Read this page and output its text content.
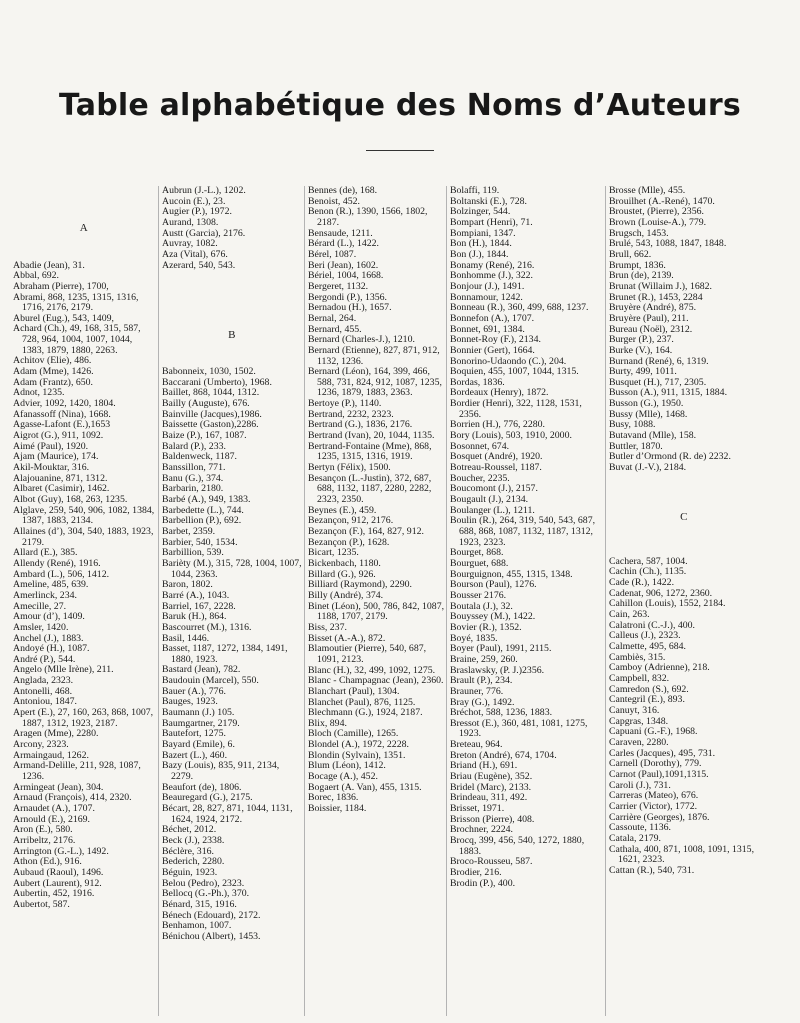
Table alphabétique des Noms d’Auteurs
A
Abadie (Jean), 31.
Abbal, 692.
Abraham (Pierre), 1700,
Abrami, 868, 1235, 1315, 1316, 1716, 2176, 2179.
Aburel (Eug.), 543, 1409,
Achard (Ch.), 49, 168, 315, 587, 728, 964, 1004, 1007, 1044, 1383, 1879, 1880, 2263.
Achitov (Elie), 486.
Adam (Mme), 1426.
Adam (Frantz), 650.
Adnot, 1235.
Advier, 1092, 1420, 1804.
Afanassoff (Nina), 1668.
Agasse-Lafont (E.),1653
Aigrot (G.), 911, 1092.
Aimé (Paul), 1920.
Ajam (Maurice), 174.
Akil-Mouktar, 316.
Alajouanine, 871, 1312.
Albaret (Casimir), 1462.
Albot (Guy), 168, 263, 1235.
Alglave, 259, 540, 906, 1082, 1384, 1387, 1883, 2134.
Allaines (d’), 304, 540, 1883, 1923, 2179.
Allard (E.), 385.
Allendy (René), 1916.
Ambard (L.), 506, 1412.
Ameline, 485, 639.
Amerlinck, 234.
Amecille, 27.
Amour (d’), 1409.
Amsler, 1420.
Anchel (J.), 1883.
Andoyé (H.), 1087.
André (P.), 544.
Angelo (Mlle Irène), 211.
Anglada, 2323.
Antonelli, 468.
Antoniou, 1847.
Apert (E.), 27, 160, 263, 868, 1007, 1887, 1312, 1923, 2187.
Aragen (Mme), 2280.
Arcony, 2323.
Armaingaud, 1262.
Armand-Delille, 211, 928, 1087, 1236.
Armingeat (Jean), 304.
Arnaud (François), 414, 2320.
Arnaudet (A.), 1707.
Arnould (E.), 2169.
Aron (E.), 580.
Arribeltz, 2176.
Arrington (G.-L.), 1492.
Athon (Ed.), 916.
Aubaud (Raoul), 1496.
Aubert (Laurent), 912.
Aubertin, 452, 1916.
Aubertot, 587.
Aubrun (J.-L.), 1202.
Aucoin (E.), 23.
Augier (P.), 1972.
Aurand, 1308.
Austt (Garcia), 2176.
Auvray, 1082.
Aza (Vital), 676.
Azerard, 540, 543.
B
Babonneix, 1030, 1502.
Baccarani (Umberto), 1968.
Baillet, 868, 1044, 1312.
Bailly (Auguste), 676.
Bainville (Jacques),1986.
Baissette (Gaston),2286.
Baize (P.), 167, 1087.
Balard (P.), 233.
Baldenweck, 1187.
Banssillon, 771.
Banu (G.), 374.
Barbarin, 2180.
Barbé (A.), 949, 1383.
Barbedette (L.), 744.
Barbellion (P.), 692.
Barbet, 2359.
Barbier, 540, 1534.
Barbillion, 539.
Barièty (M.), 315, 728, 1004, 1007, 1044, 2363.
Baron, 1802.
Barré (A.), 1043.
Barriel, 167, 2228.
Baruk (H.), 864.
Bascourret (M.), 1316.
Basil, 1446.
Basset, 1187, 1272, 1384, 1491, 1880, 1923.
Bastard (Jean), 782.
Baudouin (Marcel), 550.
Bauer (A.), 776.
Bauges, 1923.
Baumann (J.) 105.
Baumgartner, 2179.
Bautefort, 1275.
Bayard (Emile), 6.
Bazert (L.), 460.
Bazy (Louis), 835, 911, 2134, 2279.
Beaufort (de), 1806.
Beauregard (G.), 2175.
Bécart, 28, 827, 871, 1044, 1131, 1624, 1924, 2172.
Béchet, 2012.
Beck (J.), 2338.
Béclère, 316.
Bederich, 2280.
Béguin, 1923.
Belou (Pedro), 2323.
Bellocq (G.-Ph.), 370.
Bénard, 315, 1916.
Bénech (Edouard), 2172.
Benhamon, 1007.
Bénichou (Albert), 1453.
Bennes (de), 168.
Benoist, 452.
Benon (R.), 1390, 1566, 1802, 2187.
Bensaude, 1211.
Bérard (L.), 1422.
Bérel, 1087.
Beri (Jean), 1602.
Bériel, 1004, 1668.
Bergeret, 1132.
Bergondi (P.), 1356.
Bernadou (H.), 1657.
Bernal, 264.
Bernard, 455.
Bernard (Charles-J.), 1210.
Bernard (Etienne), 827, 871, 912, 1132, 1236.
Bernard (Léon), 164, 399, 466, 588, 731, 824, 912, 1087, 1235, 1236, 1879, 1883, 2363.
Bertoye (P.), 1140.
Bertrand, 2232, 2323.
Bertrand (G.), 1836, 2176.
Bertrand (Ivan), 20, 1044, 1135.
Bertrand-Fontaine (Mme), 868, 1235, 1315, 1316, 1919.
Bertyn (Félix), 1500.
Besançon (L.-Justin), 372, 687, 688, 1132, 1187, 2280, 2282, 2323, 2350.
Beynes (E.), 459.
Bezançon, 912, 2176.
Bezançon (F.), 164, 827, 912.
Bezançon (P.), 1628.
Bicart, 1235.
Bickenbach, 1180.
Billard (G.), 926.
Billiard (Raymond), 2290.
Billy (André), 374.
Binet (Léon), 500, 786, 842, 1087, 1188, 1707, 2179.
Biss, 237.
Bisset (A.-A.), 872.
Blamoutier (Pierre), 540, 687, 1091, 2123.
Blanc (H.), 32, 499, 1092, 1275.
Blanc - Champagnac (Jean), 2360.
Blanchart (Paul), 1304.
Blanchet (Paul), 876, 1125.
Blechmann (G.), 1924, 2187.
Blix, 894.
Bloch (Camille), 1265.
Blondel (A.), 1972, 2228.
Blondin (Sylvain), 1351.
Blum (Léon), 1412.
Bocage (A.), 452.
Bogaert (A. Van), 455, 1315.
Borec, 1836.
Boissier, 1184.
Bolaffi, 119.
Boltanski (E.), 728.
Bolzinger, 544.
Bompart (Henri), 71.
Bompiani, 1347.
Bon (H.), 1844.
Bon (J.), 1844.
Bonamy (René), 216.
Bonhomme (J.), 322.
Bonjour (J.), 1491.
Bonnamour, 1242.
Bonneau (R.), 360, 499, 688, 1237.
Bonnefon (A.), 1707.
Bonnet, 691, 1384.
Bonnet-Roy (F.), 2134.
Bonnier (Gert), 1664.
Bonorino-Udaondo (C.), 204.
Boquien, 455, 1007, 1044, 1315.
Bordas, 1836.
Bordeaux (Henry), 1872.
Bordier (Henri), 322, 1128, 1531, 2356.
Borrien (H.), 776, 2280.
Bory (Louis), 503, 1910, 2000.
Bosonnet, 674.
Bosquet (André), 1920.
Botreau-Roussel, 1187.
Boucher, 2235.
Boucomont (J.), 2157.
Bougault (J.), 2134.
Boulanger (L.), 1211.
Boulin (R.), 264, 319, 540, 543, 687, 688, 868, 1087, 1132, 1187, 1312, 1923, 2323.
Bourget, 868.
Bourguet, 688.
Bourguignon, 455, 1315, 1348.
Bourson (Paul), 1276.
Bousser 2176.
Boutala (J.), 32.
Bouyssey (M.), 1422.
Bovier (R.), 1352.
Boyé, 1835.
Boyer (Paul), 1991, 2115.
Braine, 259, 260.
Braslawsky, (P. J.)2356.
Brault (P.), 234.
Brauner, 776.
Bray (G.), 1492.
Bréchot, 588, 1236, 1883.
Bressot (E.), 360, 481, 1081, 1275, 1923.
Breteau, 964.
Breton (André), 674, 1704.
Briand (H.), 691.
Briau (Eugène), 352.
Bridel (Marc), 2133.
Brindeau, 311, 492.
Brisset, 1971.
Brisson (Pierre), 408.
Brochner, 2224.
Brocq, 399, 456, 540, 1272, 1880, 1883.
Broco-Rousseu, 587.
Brodier, 216.
Brodin (P.), 400.
Brosse (Mlle), 455.
Brouilhet (A.-René), 1470.
Broustet, (Pierre), 2356.
Brown (Louise-A.), 779.
Brugsch, 1453.
Brulé, 543, 1088, 1847, 1848.
Brull, 662.
Brumpt, 1836.
Brun (de), 2139.
Brunat (Willaim J.), 1682.
Brunet (R.), 1453, 2284
Bruyère (André), 875.
Bruyère (Paul), 211.
Bureau (Noël), 2312.
Burger (P.), 237.
Burke (V.), 164.
Burnand (René), 6, 1319.
Burty, 499, 1011.
Busquet (H.), 717, 2305.
Busson (A.), 911, 1315, 1884.
Busson (G.), 1950.
Bussy (Mlle), 1468.
Busy, 1088.
Butavand (Mlle), 158.
Buttler, 1870.
Butler d’Ormond (R. de) 2232.
Buvat (J.-V.), 2184.
C
Cachera, 587, 1004.
Cachin (Ch.), 1135.
Cade (R.), 1422.
Cadenat, 906, 1272, 2360.
Cahillon (Louis), 1552, 2184.
Cain, 263.
Calatroni (C.-J.), 400.
Calleus (J.), 2323.
Calmette, 495, 684.
Cambiès, 315.
Camboy (Adrienne), 218.
Campbell, 832.
Camredon (S.), 692.
Cantegril (E.), 893.
Canuyt, 316.
Capgras, 1348.
Capuani (G.-F.), 1968.
Caraven, 2280.
Carles (Jacques), 495, 731.
Carnell (Dorothy), 779.
Carnot (Paul),1091,1315.
Caroli (J.), 731.
Carreras (Mateo), 676.
Carrier (Victor), 1772.
Carrière (Georges), 1876.
Cassoute, 1136.
Catala, 2179.
Cathala, 400, 871, 1008, 1091, 1315, 1621, 2323.
Cattan (R.), 540, 731.
